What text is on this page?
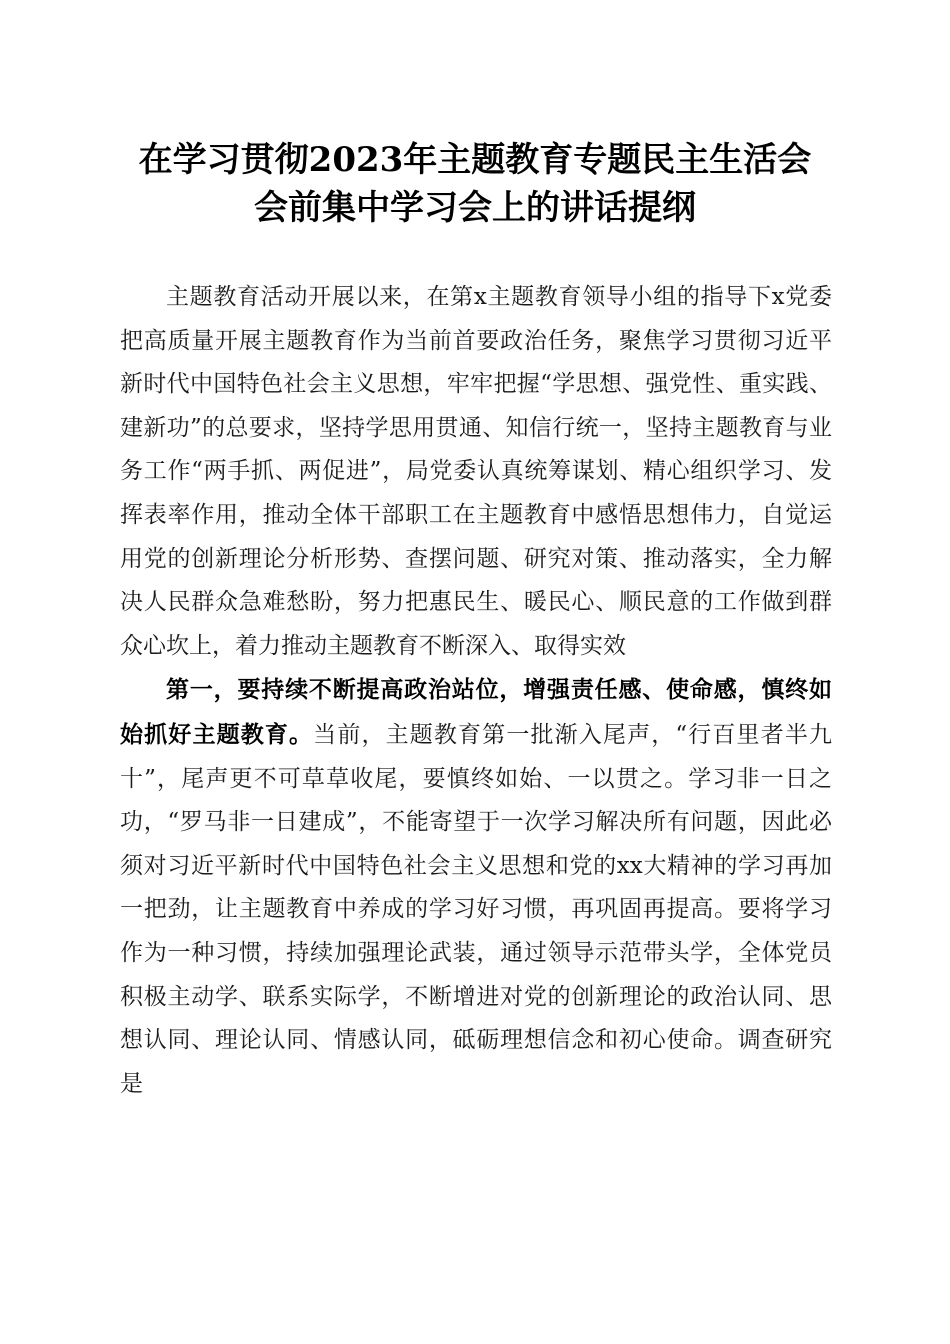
在学习贯彻2023年主题教育专题民主生活会
会前集中学习会上的讲话提纲

主题教育活动开展以来，在第x主题教育领导小组的指导下x党委把高质量开展主题教育作为当前首要政治任务，聚焦学习贯彻习近平新时代中国特色社会主义思想，牢牢把握“学思想、强党性、重实践、建新功”的总要求，坚持学思用贯通、知信行统一，坚持主题教育与业务工作“两手抓、两促进”，局党委认真统筹谋划、精心组织学习、发挥表率作用，推动全体干部职工在主题教育中感悟思想伟力，自觉运用党的创新理论分析形势、查摆问题、研究对策、推动落实，全力解决人民群众急难愁盼，努力把惠民生、暖民心、顺民意的工作做到群众心坎上，着力推动主题教育不断深入、取得实效

第一，要持续不断提高政治站位，增强责任感、使命感，慎终如始抓好主题教育。当前，主题教育第一批渐入尾声，“行百里者半九十”，尾声更不可草草收尾，要慎终如始、一以贯之。学习非一日之功，“罗马非一日建成”，不能寄望于一次学习解决所有问题，因此必须对习近平新时代中国特色社会主义思想和党的xx大精神的学习再加一把劲，让主题教育中养成的学习好习惯，再巩固再提高。要将学习作为一种习惯，持续加强理论武装，通过领导示范带头学，全体党员积极主动学、联系实际学，不断增进对党的创新理论的政治认同、思想认同、理论认同、情感认同，砥砺理想信念和初心使命。调查研究是
